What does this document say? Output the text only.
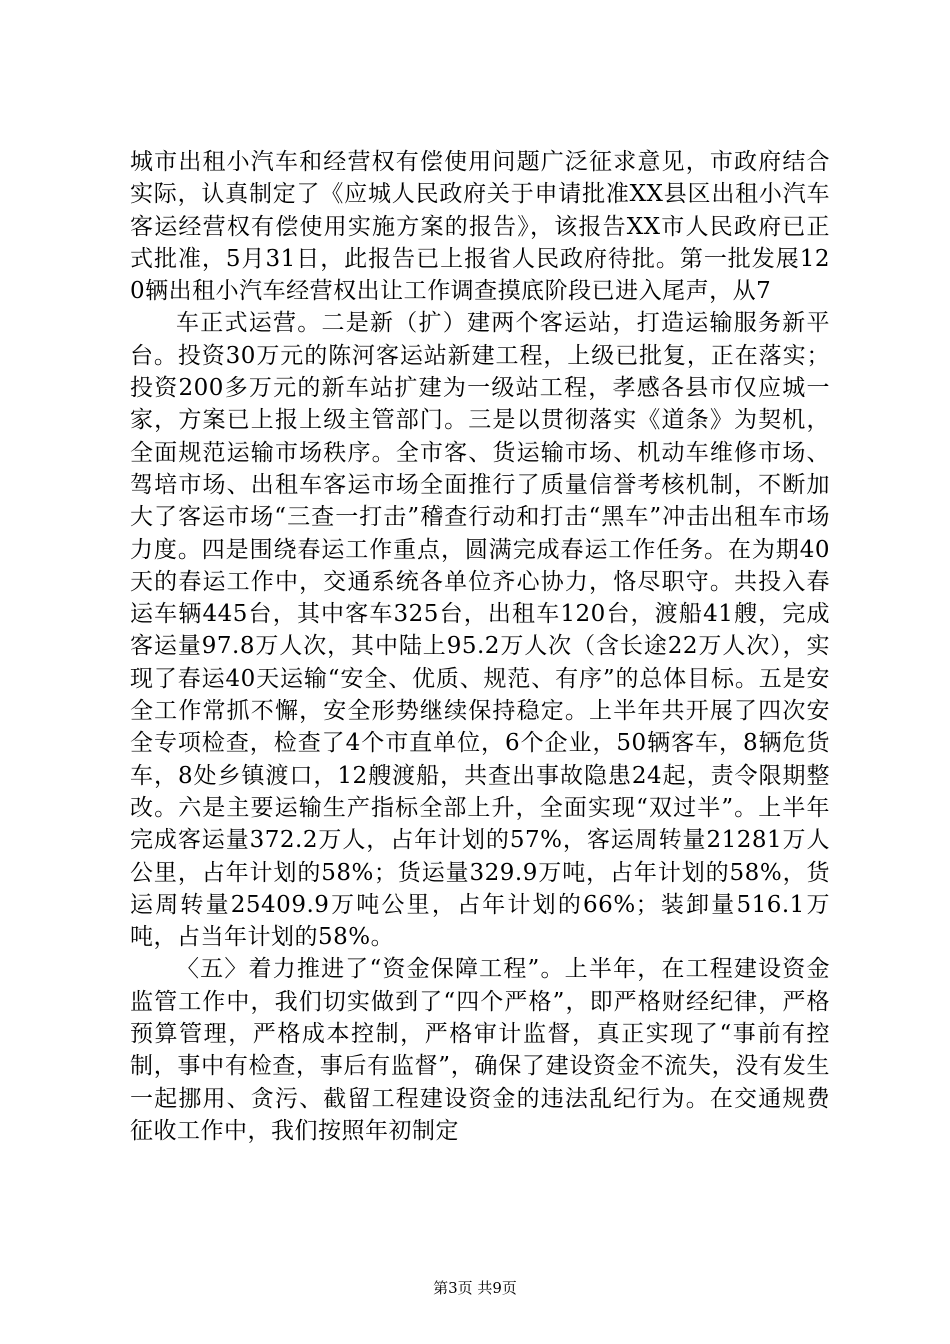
城市出租小汽车和经营权有偿使用问题广泛征求意见，市政府结合实际，认真制定了《应城人民政府关于申请批准XX县区出租小汽车客运经营权有偿使用实施方案的报告》，该报告XX市人民政府已正式批准，5月31日，此报告已上报省人民政府待批。第一批发展120辆出租小汽车经营权出让工作调查摸底阶段已进入尾声，从7

车正式运营。二是新（扩）建两个客运站，打造运输服务新平台。投资30万元的陈河客运站新建工程，上级已批复，正在落实；投资200多万元的新车站扩建为一级站工程，孝感各县市仅应城一家，方案已上报上级主管部门。三是以贯彻落实《道条》为契机，全面规范运输市场秩序。全市客、货运输市场、机动车维修市场、驾培市场、出租车客运市场全面推行了质量信誉考核机制，不断加大了客运市场“三查一打击”稽查行动和打击“黑车”冲击出租车市场力度。四是围绕春运工作重点，圆满完成春运工作任务。在为期40天的春运工作中，交通系统各单位齐心协力，恪尽职守。共投入春运车辆445台，其中客车325台，出租车120台，渡船41艘，完成客运量97.8万人次，其中陆上95.2万人次（含长途22万人次），实现了春运40天运输“安全、优质、规范、有序”的总体目标。五是安全工作常抓不懈，安全形势继续保持稳定。上半年共开展了四次安全专项检查，检查了4个市直单位，6个企业，50辆客车，8辆危货车，8处乡镇渡口，12艘渡船，共查出事故隐患24起，责令限期整改。六是主要运输生产指标全部上升，全面实现“双过半”。上半年完成客运量372.2万人，占年计划的57%，客运周转量21281万人公里，占年计划的58%；货运量329.9万吨，占年计划的58%，货运周转量25409.9万吨公里，占年计划的66%；装卸量516.1万吨，占当年计划的58%。

〈五〉着力推进了“资金保障工程”。上半年，在工程建设资金监管工作中，我们切实做到了“四个严格”，即严格财经纪律，严格预算管理，严格成本控制，严格审计监督，真正实现了“事前有控制，事中有检查，事后有监督”，确保了建设资金不流失，没有发生一起挪用、贪污、截留工程建设资金的违法乱纪行为。在交通规费征收工作中，我们按照年初制定

第3页 共9页
